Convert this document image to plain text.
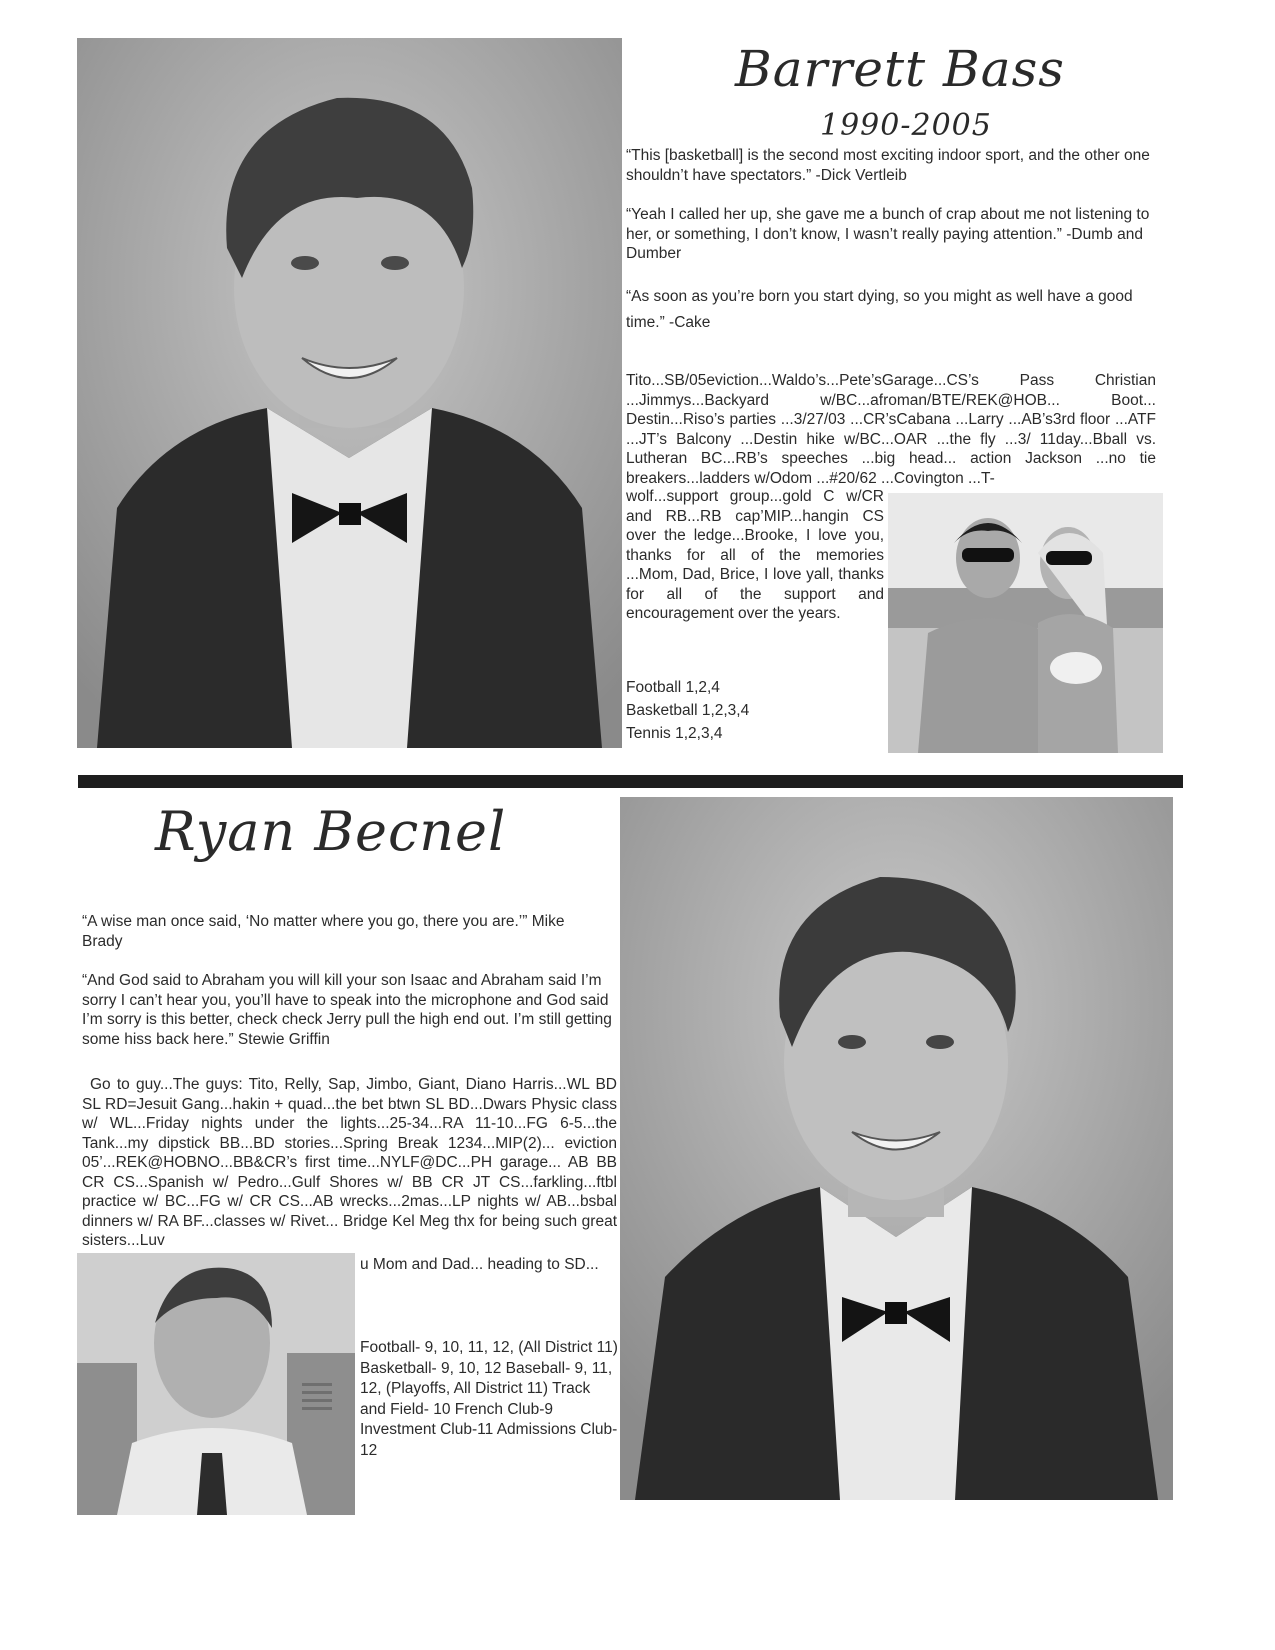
Barrett Bass
1990-2005

“This [basketball] is the second most exciting indoor sport, and the other one shouldn’t have spectators.” -Dick Vertleib

“Yeah I called her up, she gave me a bunch of crap about me not listening to her, or something, I don’t know, I wasn’t really paying attention.” -Dumb and Dumber

“As soon as you’re born you start dying, so you might as well have a good time.” -Cake

Tito...SB/05eviction...Waldo’s...Pete’sGarage...CS’s Pass Christian ...Jimmys...Backyard w/BC...afroman/BTE/REK@HOB... Boot... Destin...Riso’s parties ...3/27/03 ...CR’sCabana ...Larry ...AB’s3rd floor ...ATF ...JT’s Balcony ...Destin hike w/BC...OAR ...the fly ...3/ 11day...Bball vs. Lutheran BC...RB’s speeches ...big head... action Jackson ...no tie breakers...ladders w/Odom ...#20/62 ...Covington ...T-

wolf...support group...gold C w/CR and RB...RB cap’MIP...hangin CS over the ledge...Brooke, I love you, thanks for all of the memories ...Mom, Dad, Brice, I love yall, thanks for all of the support and encouragement over the years.

Football 1,2,4
Basketball 1,2,3,4
Tennis 1,2,3,4
Ryan Becnel

“A wise man once said, ‘No matter where you go, there you are.’” Mike Brady

“And God said to Abraham you will kill your son Isaac and Abraham said I’m sorry I can’t hear you, you’ll have to speak into the microphone and God said I’m sorry is this better, check check Jerry pull the high end out. I’m still getting some hiss back here.” Stewie Griffin

Go to guy...The guys: Tito, Relly, Sap, Jimbo, Giant, Diano Harris...WL BD SL RD=Jesuit Gang...hakin + quad...the bet btwn SL BD...Dwars Physic class w/ WL...Friday nights under the lights...25-34...RA 11-10...FG 6-5...the Tank...my dipstick BB...BD stories...Spring Break 1234...MIP(2)... eviction 05’...REK@HOBNO...BB&CR’s first time...NYLF@DC...PH garage... AB BB CR CS...Spanish w/ Pedro...Gulf Shores w/ BB CR JT CS...farkling...ftbl practice w/ BC...FG w/ CR CS...AB wrecks...2mas...LP nights w/ AB...bsbal dinners w/ RA BF...classes w/ Rivet... Bridge Kel Meg thx for being such great sisters...Luv

u Mom and Dad... heading to SD...

Football- 9, 10, 11, 12, (All District 11) Basketball- 9, 10, 12 Baseball- 9, 11, 12, (Playoffs, All District 11) Track and Field- 10 French Club-9 Investment Club-11 Admissions Club-12
